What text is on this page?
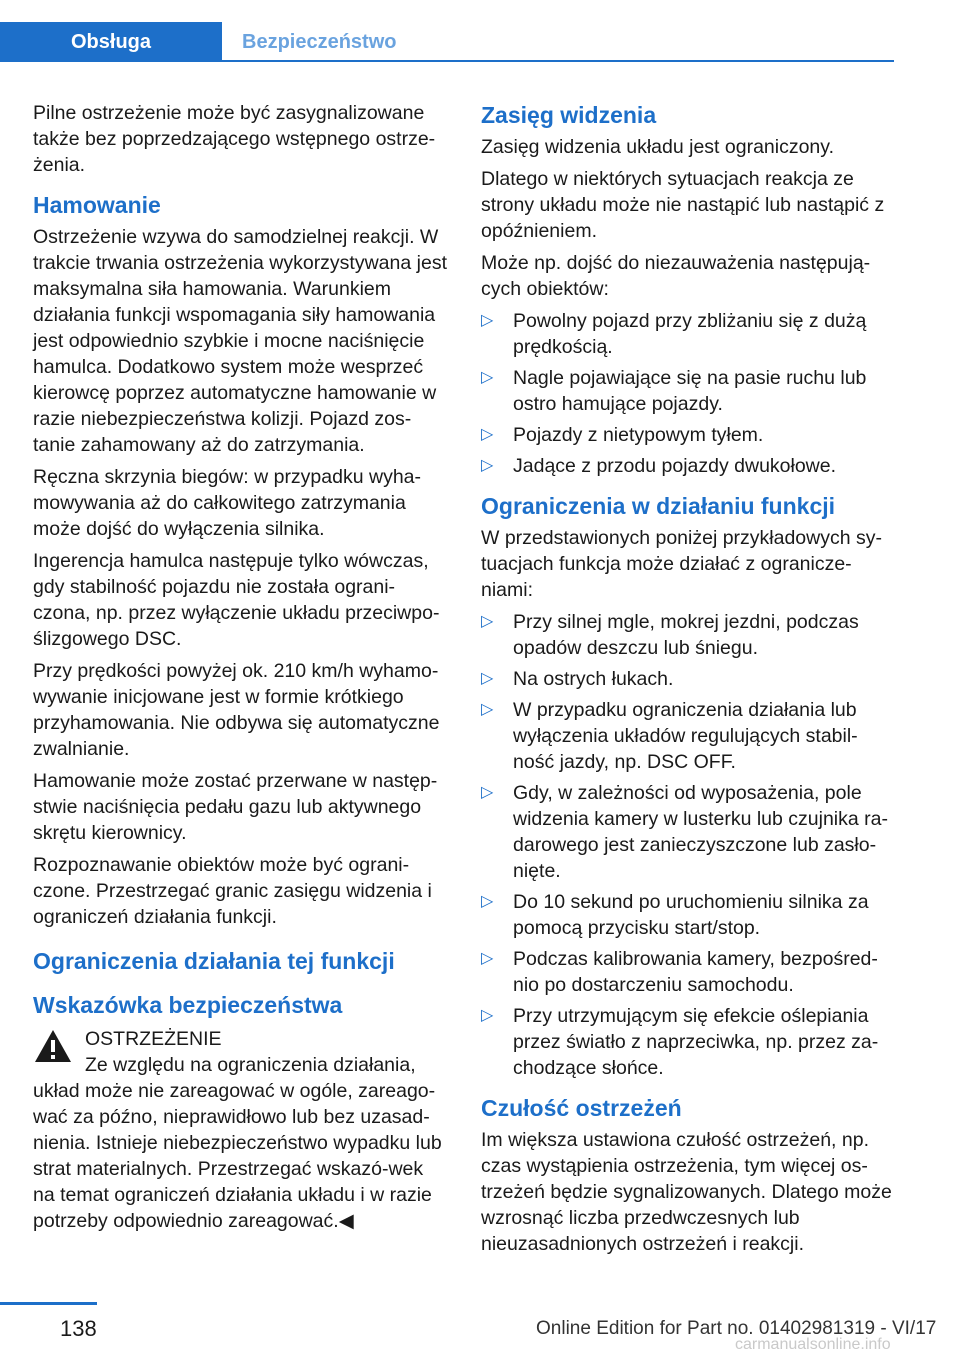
Obsługa	Bezpieczeństwo

Pilne ostrzeżenie może być zasygnalizowane także bez poprzedzającego wstępnego ostrze‐żenia.

Hamowanie

Ostrzeżenie wzywa do samodzielnej reakcji. W trakcie trwania ostrzeżenia wykorzystywana jest maksymalna siła hamowania. Warunkiem działania funkcji wspomagania siły hamowania jest odpowiednio szybkie i mocne naciśnięcie hamulca. Dodatkowo system może wesprzeć kierowcę poprzez automatyczne hamowanie w razie niebezpieczeństwa kolizji. Pojazd zos‐tanie zahamowany aż do zatrzymania.

Ręczna skrzynia biegów: w przypadku wyha‐mowywania aż do całkowitego zatrzymania może dojść do wyłączenia silnika.

Ingerencja hamulca następuje tylko wówczas, gdy stabilność pojazdu nie została ograni‐czona, np. przez wyłączenie układu przeciwpo‐ślizgowego DSC.

Przy prędkości powyżej ok. 210 km/h wyhamo‐wywanie inicjowane jest w formie krótkiego przyhamowania. Nie odbywa się automatyczne zwalnianie.

Hamowanie może zostać przerwane w następ‐stwie naciśnięcia pedału gazu lub aktywnego skrętu kierownicy.

Rozpoznawanie obiektów może być ograni‐czone. Przestrzegać granic zasięgu widzenia i ograniczeń działania funkcji.

Ograniczenia działania tej funkcji
Wskazówka bezpieczeństwa
OSTRZEŻENIE
Ze względu na ograniczenia działania,
układ może nie zareagować w ogóle, zareago‐wać za późno, nieprawidłowo lub bez uzasad‐nienia. Istnieje niebezpieczeństwo wypadku lub strat materialnych. Przestrzegać wskazó‐wek na temat ograniczeń działania układu i w razie potrzeby odpowiednio zareagować.◀
Zasięg widzenia

Zasięg widzenia układu jest ograniczony.

Dlatego w niektórych sytuacjach reakcja ze strony układu może nie nastąpić lub nastąpić z opóźnieniem.

Może np. dojść do niezauważenia następują‐cych obiektów:

▷ Powolny pojazd przy zbliżaniu się z dużą prędkością.
▷ Nagle pojawiające się na pasie ruchu lub ostro hamujące pojazdy.
▷ Pojazdy z nietypowym tyłem.
▷ Jadące z przodu pojazdy dwukołowe.
Ograniczenia w działaniu funkcji

W przedstawionych poniżej przykładowych sy‐tuacjach funkcja może działać z ogranicze‐niami:

▷ Przy silnej mgle, mokrej jezdni, podczas opadów deszczu lub śniegu.
▷ Na ostrych łukach.
▷ W przypadku ograniczenia działania lub wyłączenia układów regulujących stabil‐ność jazdy, np. DSC OFF.
▷ Gdy, w zależności od wyposażenia, pole widzenia kamery w lusterku lub czujnika ra‐darowego jest zanieczyszczone lub zasło‐nięte.
▷ Do 10 sekund po uruchomieniu silnika za pomocą przycisku start/stop.
▷ Podczas kalibrowania kamery, bezpośred‐nio po dostarczeniu samochodu.
▷ Przy utrzymującym się efekcie oślepiania przez światło z naprzeciwka, np. przez za‐chodzące słońce.
Czułość ostrzeżeń

Im większa ustawiona czułość ostrzeżeń, np. czas wystąpienia ostrzeżenia, tym więcej os‐trzeżeń będzie sygnalizowanych. Dlatego może wzrosnąć liczba przedwczesnych lub nieuzasadnionych ostrzeżeń i reakcji.

138	Online Edition for Part no. 01402981319 - VI/17
carmanualsonline.info
